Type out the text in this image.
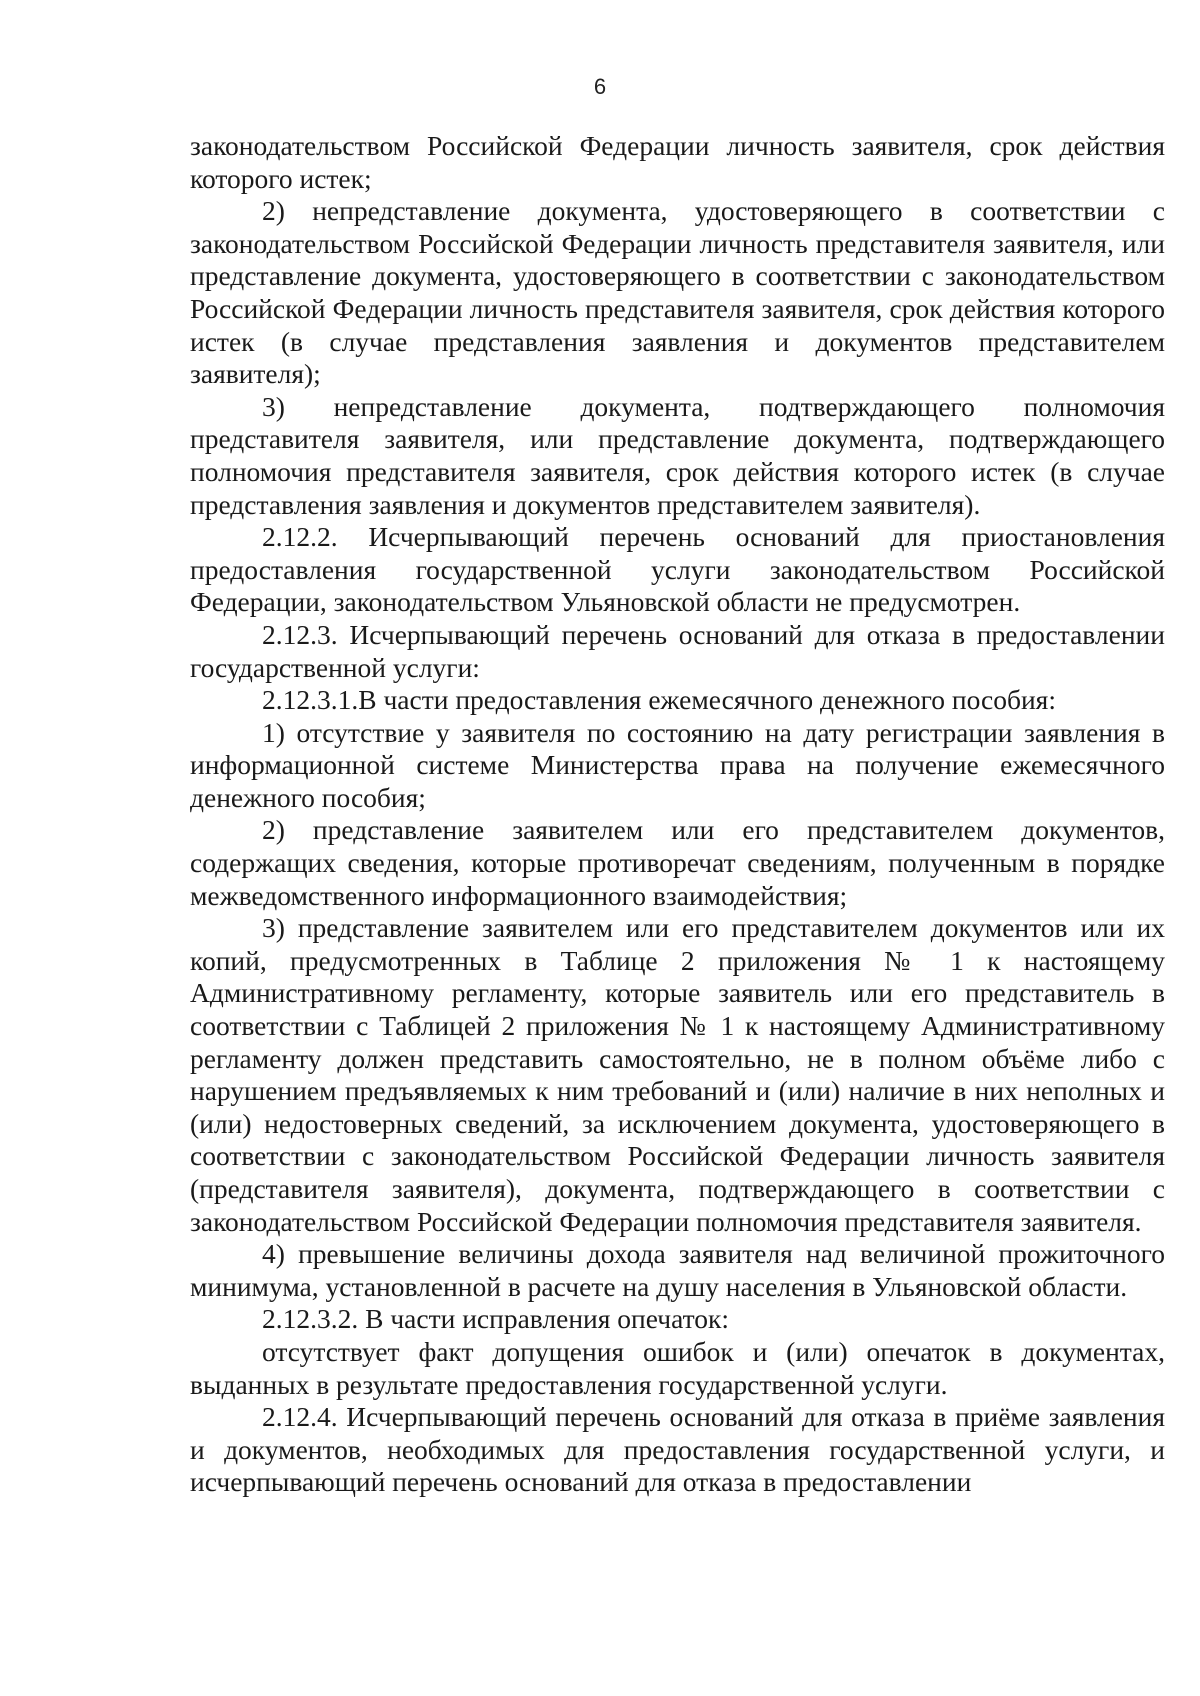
6

законодательством Российской Федерации личность заявителя, срок действия которого истек;

2) непредставление документа, удостоверяющего в соответствии с законодательством Российской Федерации личность представителя заявителя, или представление документа, удостоверяющего в соответствии с законодательством Российской Федерации личность представителя заявителя, срок действия которого истек (в случае представления заявления и документов представителем заявителя);

3) непредставление документа, подтверждающего полномочия представителя заявителя, или представление документа, подтверждающего полномочия представителя заявителя, срок действия которого истек (в случае представления заявления и документов представителем заявителя).

2.12.2. Исчерпывающий перечень оснований для приостановления предоставления государственной услуги законодательством Российской Федерации, законодательством Ульяновской области не предусмотрен.

2.12.3. Исчерпывающий перечень оснований для отказа в предоставлении государственной услуги:

2.12.3.1.В части предоставления ежемесячного денежного пособия:

1) отсутствие у заявителя по состоянию на дату регистрации заявления в информационной системе Министерства права на получение ежемесячного денежного пособия;

2) представление заявителем или его представителем документов, содержащих сведения, которые противоречат сведениям, полученным в порядке межведомственного информационного взаимодействия;

3) представление заявителем или его представителем документов или их копий, предусмотренных в Таблице 2 приложения № 1 к настоящему Административному регламенту, которые заявитель или его представитель в соответствии с Таблицей 2 приложения № 1 к настоящему Административному регламенту должен представить самостоятельно, не в полном объёме либо с нарушением предъявляемых к ним требований и (или) наличие в них неполных и (или) недостоверных сведений, за исключением документа, удостоверяющего в соответствии с законодательством Российской Федерации личность заявителя (представителя заявителя), документа, подтверждающего в соответствии с законодательством Российской Федерации полномочия представителя заявителя.

4) превышение величины дохода заявителя над величиной прожиточного минимума, установленной в расчете на душу населения в Ульяновской области.

2.12.3.2. В части исправления опечаток:

отсутствует факт допущения ошибок и (или) опечаток в документах, выданных в результате предоставления государственной услуги.

2.12.4. Исчерпывающий перечень оснований для отказа в приёме заявления и документов, необходимых для предоставления государственной услуги, и исчерпывающий перечень оснований для отказа в предоставлении
